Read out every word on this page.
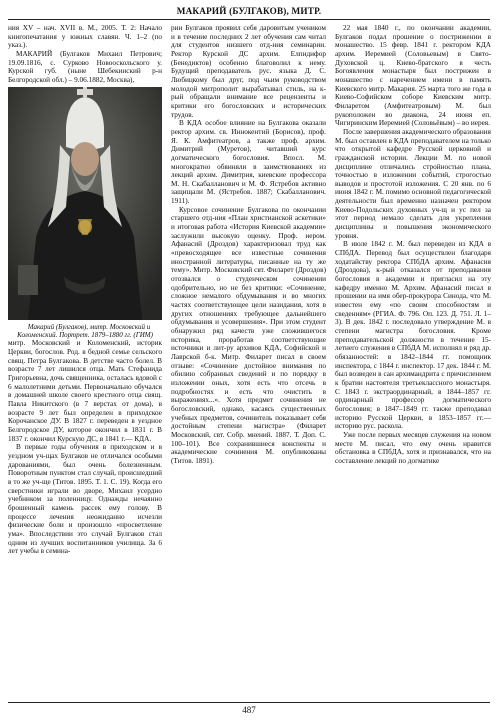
МАКАРИЙ (БУЛГАКОВ), МИТР.

ния XV – нач. XVII в. М., 2005. Т. 2: Начало книгопечатания у южных славян. Ч. 1–2 (по указ.).

МАКАРИЙ (Булгаков Михаил Петрович; 19.09.1816, с. Сурково Новооскольского у. Курской губ. (ныне Шебекинский р-н Белгородской обл.) – 9.06.1882, Москва),

Макарий (Булгаков), митр. Московский и Коломенский. Портрет. 1879–1880 гг. (ГИМ)

митр. Московский и Коломенский, историк Церкви, богослов. Род. в бедной семье сельского свящ. Петра Булгакова. В детстве часто болел. В возрасте 7 лет лишился отца. Мать Стефанида Григорьевна, дочь священника, осталась вдовой с 6 малолетними детьми. Первоначально обучался в домашней школе своего крестного отца свящ. Павла Никитского (в 7 верстах от дома), в возрасте 9 лет был определен в приходское Корочанское ДУ. В 1827 г. переведен в уездное Белгородское ДУ, которое окончил в 1831 г. В 1837 г. окончил Курскую ДС, в 1841 г.— КДА.

В первые годы обучения в приходском и в уездном уч-щах Булгаков не отличался особыми дарованиями, был очень болезненным. Поворотным пунктом стал случай, происшедший в то же уч-ще (Титов. 1895. Т. 1. С. 19). Когда его сверстники играли во дворе, Михаил усердно учебником за поленницу. Однажды нечаянно брошенный камень рассек ему голову. В процессе лечения неожиданно исчезли физические боли и произошло «просветление ума». Впоследствии это случай Булгаков стал одним из лучших воспитанников училища. За 6 лет учебы в семина-

рии Булгаков проявил себя даровитым учеником и в течение последних 2 лет обучения сам читал для студентов низшего отд-ния семинарии. Ректор Курской ДС архим. Елпидифор (Бенедиктов) особенно благоволил к нему. Будущий преподаватель рус. языка Д. С. Любицкому был друг, под чьим руководством молодой митрополит вырабатывал стиль, на к-рый обращали внимание все рецензенты и критики его богословских и исторических трудов.

В КДА особое влияние на Булгакова оказали ректор архим. св. Иннокентий (Борисов), проф. Я. К. Амфитеатров, а также проф. архим. Димитрий (Муретов), читавший курс догматического богословия. Впосл. М. многократно обвиняли в заимствованиях из лекций архим. Димитрия, киевские профессора М. Н. Скабалланович и М. Ф. Ястребов активно защищали М. (Ястребов. 1887; Скабалланович. 1911).

Курсовое сочинение Булгакова по окончании старшего отд-ния «План христианской аскетики» и итоговая работа «История Киевской академии» заслужили высокую оценку. Проф. иером. Афанасий (Дроздов) характеризовал труд как «превосходящее все известные сочинения иностранной литературы, писанные на ту же тему». Митр. Московский свт. Филарет (Дроздов) отозвался о студенческом сочинении одобрительно, но не без критики: «Сочинение, сложное немалого обдумывания и во многих частях соответствующее цели назидания, хотя в других отношениях требующее дальнейшего обдумывания и усовершения». При этом студент обнаружил ряд качеств уже сложившегося историка, проработав соответствующие источники и лит-ру архивов КДА, Софийской и Лаврской б-к. Митр. Филарет писал в своем отзыве: «Сочинение достойное внимания по обилию собранных сведений и по порядку в изложении оных, хотя есть что отсечь в подробностях и есть что очистить в выражениях...». Хотя предмет сочинения не богословский, однако, касаясь существенных учебных предметов, сочинитель показывает себя достойным степени магистра» (Филарет Московский, свт. Собр. мнений. 1887. Т. Доп. С. 100–101). Все сохранившиеся конспекты и академические сочинения М. опубликованы (Титов. 1891).

22 мая 1840 г., по окончании академии, Булгаков подал прошение о пострижении в монашество. 15 февр. 1841 г. ректором КДА архим. Иеремией (Соловьевым) в Свято-Духовской ц. Киево-братского в честь Богоявления монастыря был пострижен в монашество с наречением имени в память Киевского митр. Макария. 25 марта того же года в Киево-Софийском соборе Киевским митр. Филаретом (Амфитеатровым) М. был рукоположен во диакона, 24 июня еп. Чигиринским Иеремией (Соловьёвым) – во иерея.

После завершения академического образования М. был оставлен в КДА преподавателем на только что открытой кафедре Русской церковной и гражданской истории. Лекции М. по новой дисциплине отличались стройностью плана, точностью в изложении событий, строгостью выводов и простотой изложения. С 20 янв. по 6 июня 1842 г. М. помимо основной педагогической деятельности был временно назначен ректором Киево-Подольских духовных уч-щ и ус пел за этот период немало сделать для укрепления дисциплины и повышения экономического уровня.

В июле 1842 г. М. был переведен из КДА в СПбДА. Перевод был осуществлен благодаря ходатайству ректора СПбДА архим. Афанасия (Дроздова), к-рый отказался от преподавания богословия в академии и пригласил на эту кафедру именно М. Архим. Афанасий писал в прошении на имя обер-прокурора Синода, что М. известен ему «по своим способностям и сведениям» (РГИА. Ф. 796. Оп. 123. Д. 751. Л. 1–3). В дек. 1842 г. последовало утверждение М. в степени магистра богословия. Кроме преподавательской должности в течение 15-летнего служения в СПбДА М. исполнял и ряд др. обязанностей: в 1842–1844 гг. помощник инспектора, с 1844 г. инспектор. 17 дек. 1844 г. М. был возведен в сан архимандрита с причислением к братии настоятеля третьеклассного монастыря. С 1843 г. экстраординарный, в 1844–1857 гг. ординарный профессор догматического богословия; в 1847–1849 гг. также преподавал историю Русской Церкви, в 1853–1857 гг.— историю рус. раскола.

Уже после первых месяцев служения на новом месте М. писал, что ему очень нравится обстановка в СПбДА, хотя и признавался, что на составление лекций по догматике

487
